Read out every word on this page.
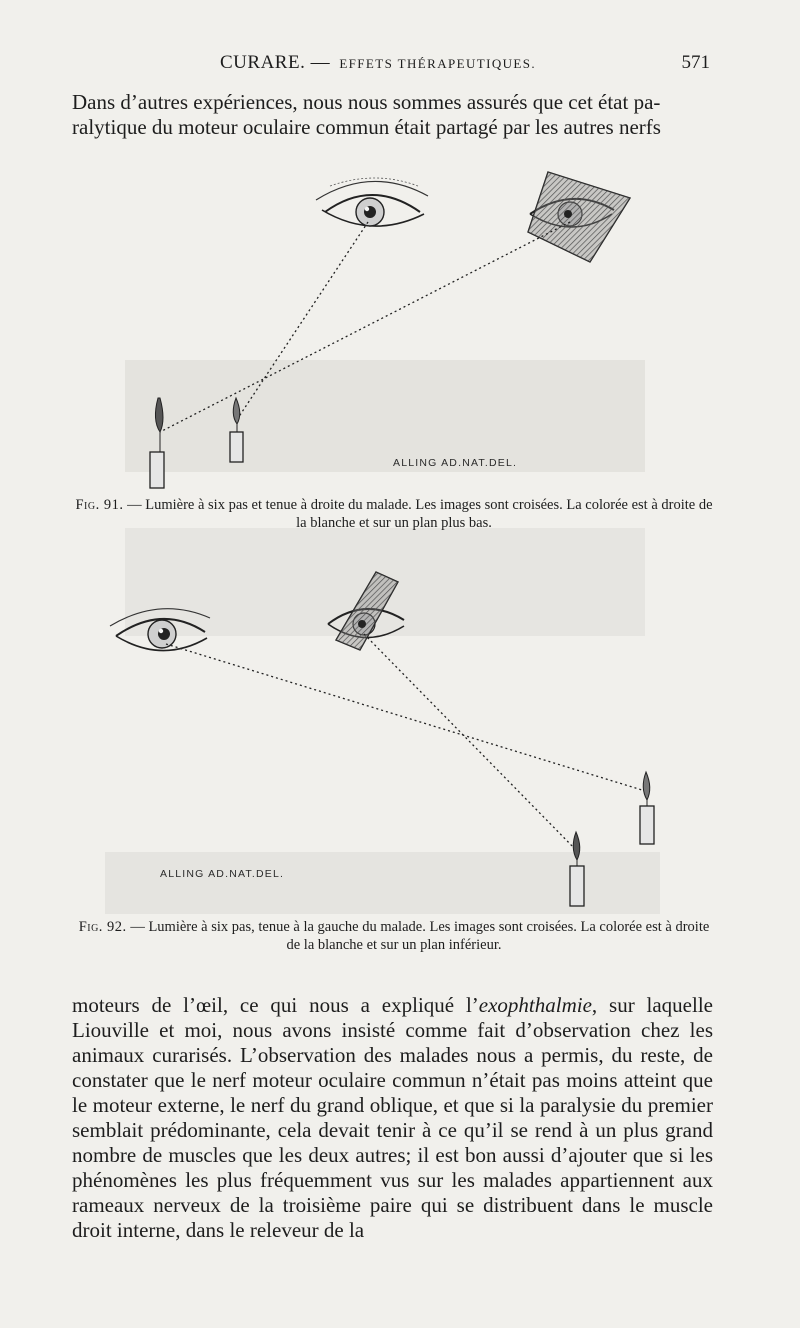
CURARE. — EFFETS THÉRAPEUTIQUES.	571

Dans d’autres expériences, nous nous sommes assurés que cet état pa-
ralytique du moteur oculaire commun était partagé par les autres nerfs

ALLING AD.NAT.DEL.
ALLING AD.NAT.DEL.

Fig. 91. — Lumière à six pas et tenue à droite du malade. Les images sont croisées. La colorée est à droite de la blanche et sur un plan plus bas.

Fig. 92. — Lumière à six pas, tenue à la gauche du malade. Les images sont croisées. La colorée est à droite de la blanche et sur un plan inférieur.

moteurs de l’œil, ce qui nous a expliqué l’exophthalmie, sur laquelle Liouville et moi, nous avons insisté comme fait d’observation chez les animaux curarisés. L’observation des malades nous a permis, du reste, de constater que le nerf moteur oculaire commun n’était pas moins atteint que le moteur externe, le nerf du grand oblique, et que si la paralysie du premier semblait prédominante, cela devait tenir à ce qu’il se rend à un plus grand nombre de muscles que les deux autres; il est bon aussi d’ajouter que si les phénomènes les plus fréquemment vus sur les malades appartiennent aux rameaux nerveux de la troisième paire qui se distribuent dans le muscle droit interne, dans le releveur de la
